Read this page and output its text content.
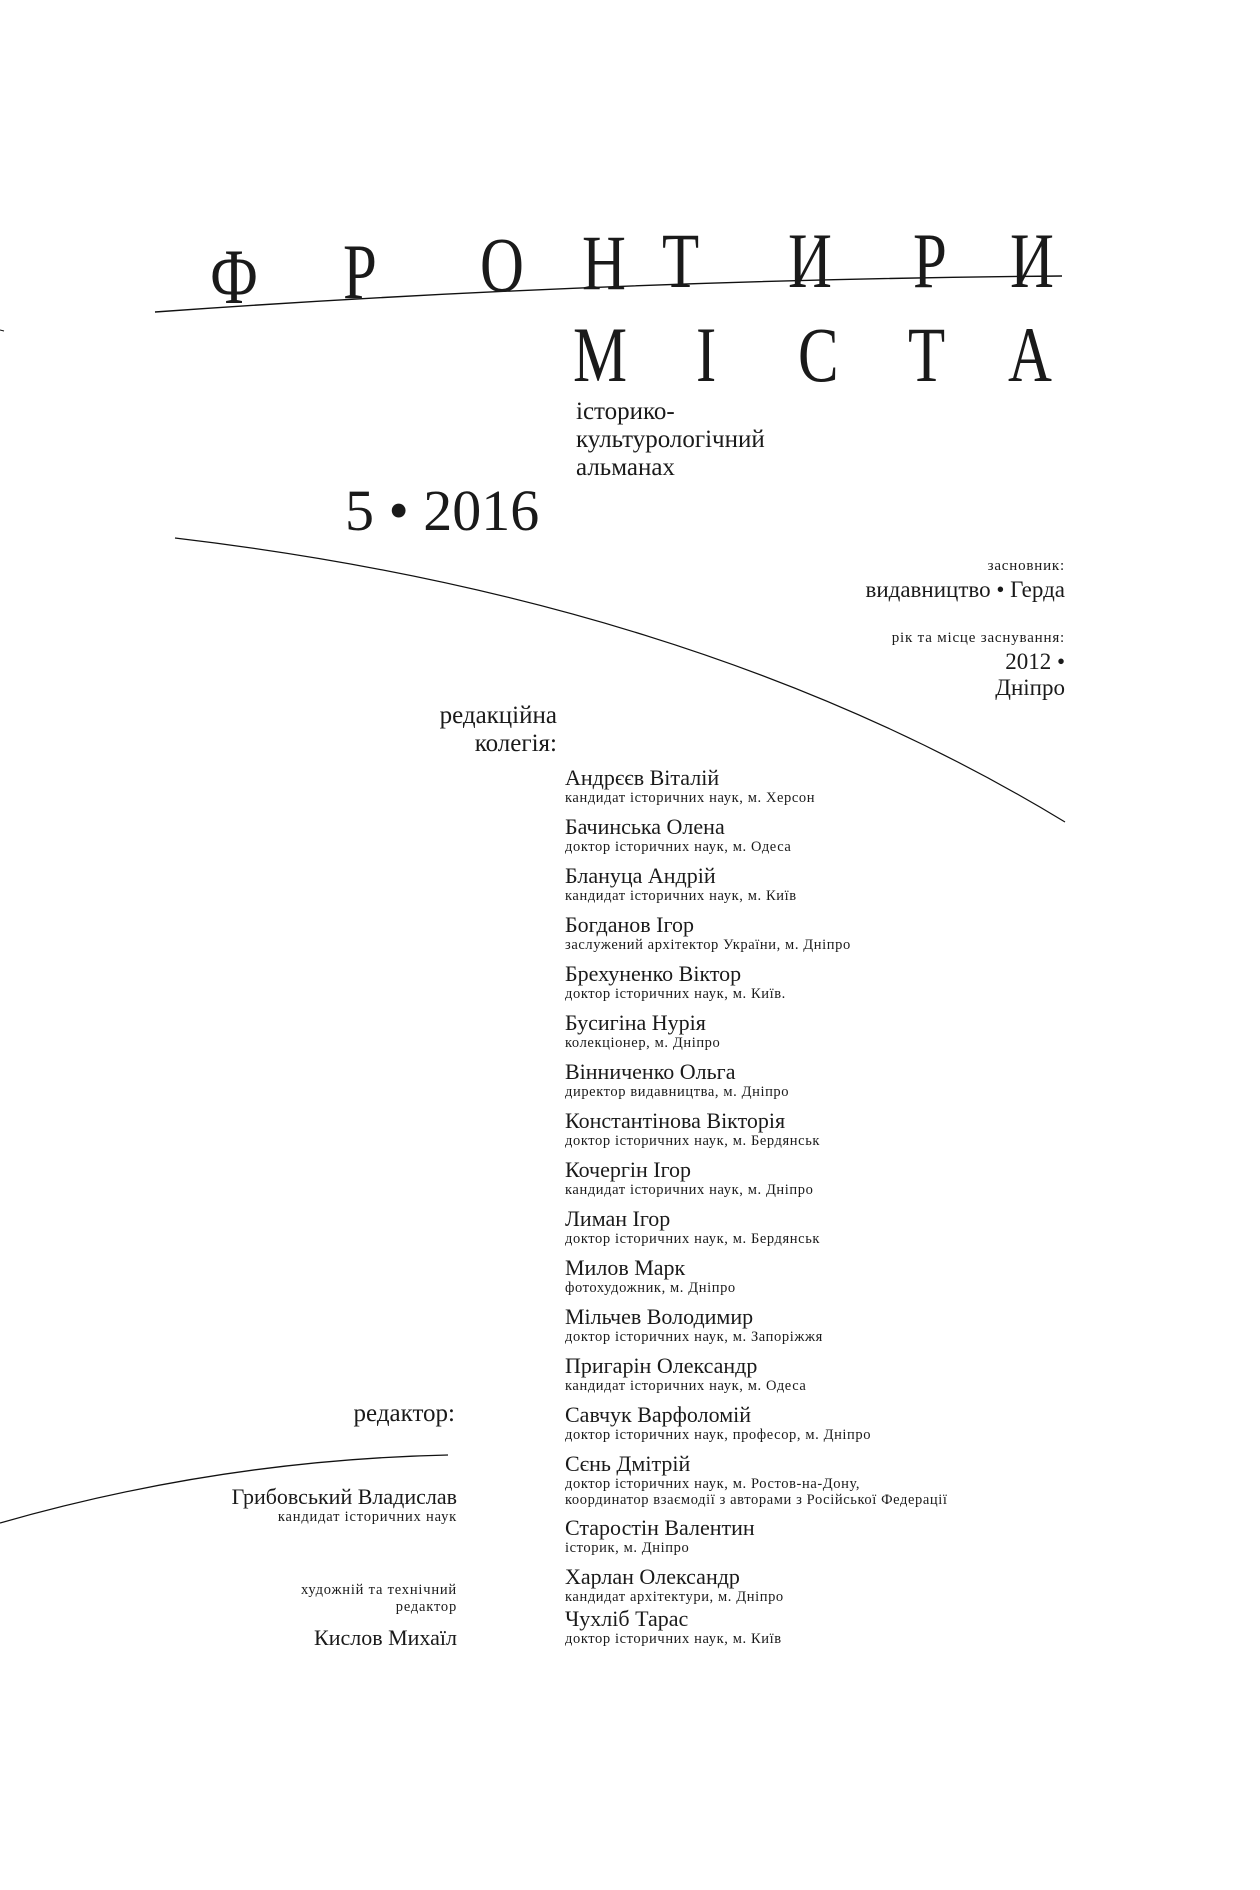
Ф Р О Н Т И Р И
М І С Т А
історико-
культурологічний
альманах
5 • 2016
засновник:
видавництво • Герда
рік та місце заснування:
2012 •
Дніпро
редакційна
колегія:
Андрєєв Віталій
кандидат історичних наук, м. Херсон
Бачинська Олена
доктор історичних наук, м. Одеса
Блануца Андрій
кандидат історичних наук, м. Київ
Богданов Ігор
заслужений архітектор України, м. Дніпро
Брехуненко Віктор
доктор історичних наук, м. Київ.
Бусигіна Нурія
колекціонер, м. Дніпро
Вінниченко Ольга
директор видавництва, м. Дніпро
Константінова Вікторія
доктор історичних наук, м. Бердянськ
Кочергін Ігор
кандидат історичних наук, м. Дніпро
Лиман Ігор
доктор історичних наук, м. Бердянськ
Милов Марк
фотохудожник, м. Дніпро
Мільчев Володимир
доктор історичних наук, м. Запоріжжя
Пригарін Олександр
кандидат історичних наук, м. Одеса
Савчук Варфоломій
доктор історичних наук, професор, м. Дніпро
Сєнь Дмітрій
доктор історичних наук, м. Ростов-на-Дону,
координатор взаємодії з авторами з Російської Федерації
Старостін Валентин
історик, м. Дніпро
Харлан Олександр
кандидат архітектури, м. Дніпро
Чухліб Тарас
доктор історичних наук, м. Київ
редактор:
Грибовський Владислав
кандидат історичних наук
художній та технічний
редактор
Кислов Михаїл
